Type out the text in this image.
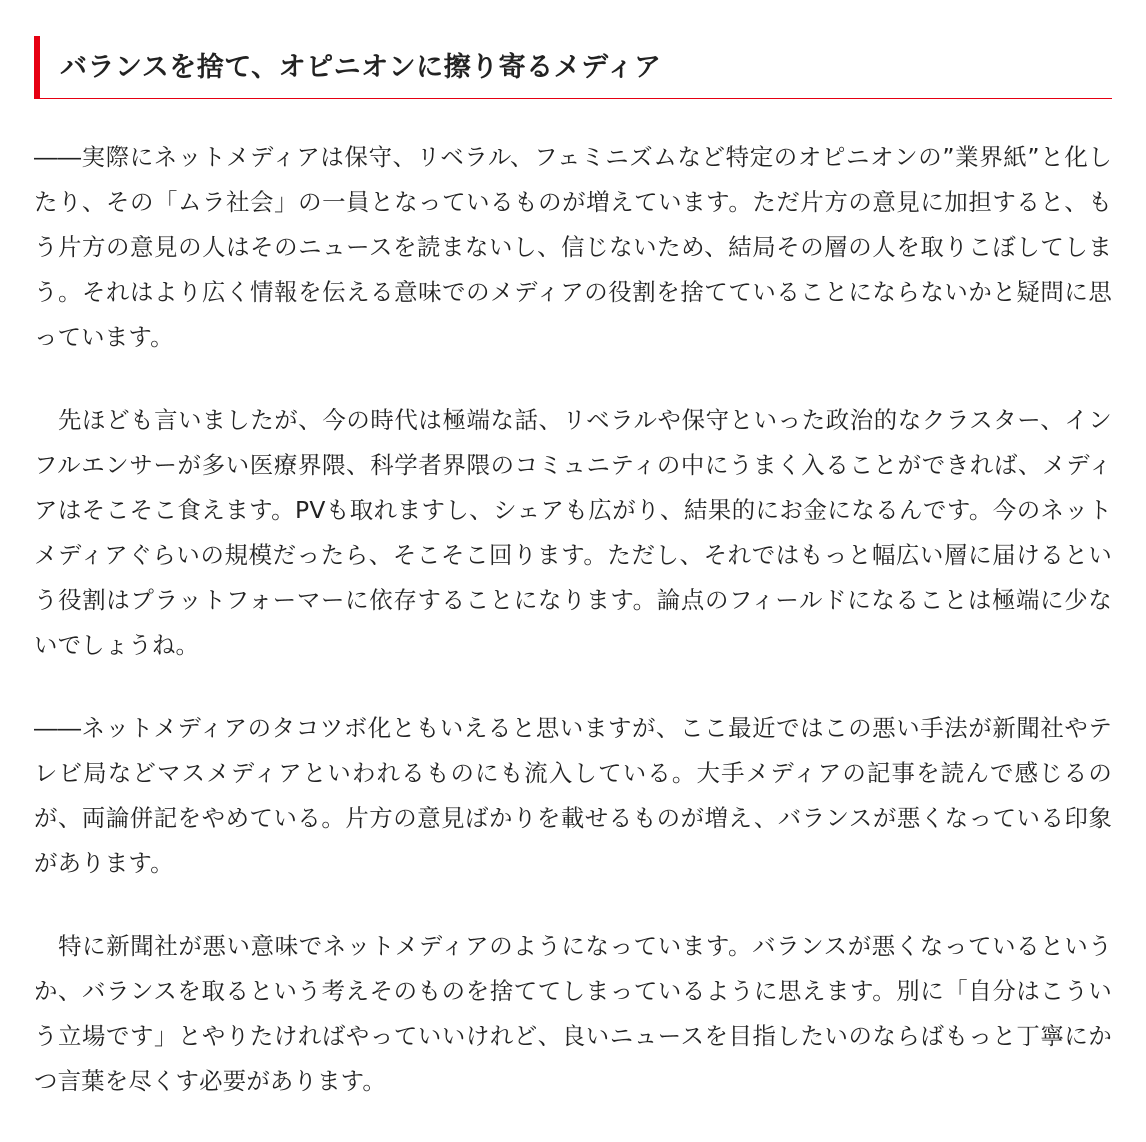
バランスを捨て、オピニオンに擦り寄るメディア

――実際にネットメディアは保守、リベラル、フェミニズムなど特定のオピニオンの”業界紙”と化したり、その「ムラ社会」の一員となっているものが増えています。ただ片方の意見に加担すると、もう片方の意見の人はそのニュースを読まないし、信じないため、結局その層の人を取りこぼしてしまう。それはより広く情報を伝える意味でのメディアの役割を捨てていることにならないかと疑問に思っています。

　先ほども言いましたが、今の時代は極端な話、リベラルや保守といった政治的なクラスター、インフルエンサーが多い医療界隈、科学者界隈のコミュニティの中にうまく入ることができれば、メディアはそこそこ食えます。PVも取れますし、シェアも広がり、結果的にお金になるんです。今のネットメディアぐらいの規模だったら、そこそこ回ります。ただし、それではもっと幅広い層に届けるという役割はプラットフォーマーに依存することになります。論点のフィールドになることは極端に少ないでしょうね。

――ネットメディアのタコツボ化ともいえると思いますが、ここ最近ではこの悪い手法が新聞社やテレビ局などマスメディアといわれるものにも流入している。大手メディアの記事を読んで感じるのが、両論併記をやめている。片方の意見ばかりを載せるものが増え、バランスが悪くなっている印象があります。

　特に新聞社が悪い意味でネットメディアのようになっています。バランスが悪くなっているというか、バランスを取るという考えそのものを捨ててしまっているように思えます。別に「自分はこういう立場です」とやりたければやっていいけれど、良いニュースを目指したいのならばもっと丁寧にかつ言葉を尽くす必要があります。
